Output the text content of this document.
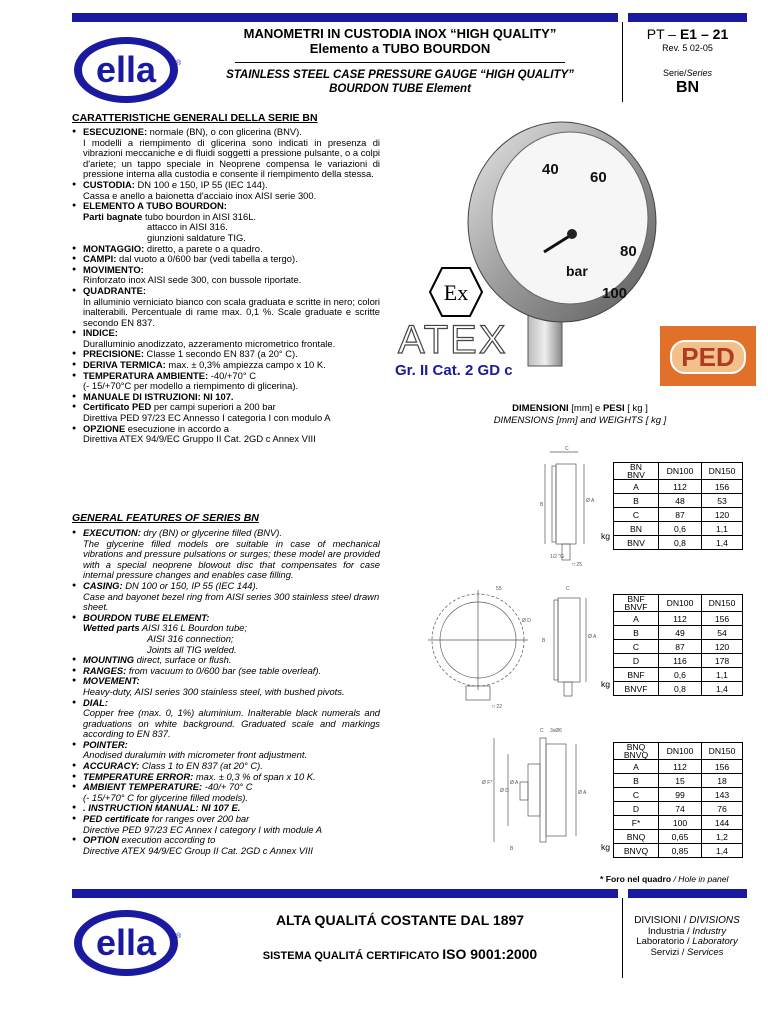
ella	®
MANOMETRI IN CUSTODIA INOX “HIGH QUALITY”
Elemento a TUBO BOURDON
STAINLESS STEEL CASE PRESSURE GAUGE “HIGH QUALITY”
BOURDON TUBE Element
PT – E1 – 21
Rev. 5 02-05
Serie/Series
BN
CARATTERISTICHE GENERALI DELLA SERIE BN
● ESECUZIONE: normale (BN), o con glicerina (BNV).
I modelli a riempimento di glicerina sono indicati in presenza di vibrazioni meccaniche e di fluidi soggetti a pressione pulsante, o a colpi d'ariete; un tappo speciale in Neoprene compensa le variazioni di pressione interna alla custodia e consente il riempimento della stessa.
● CUSTODIA: DN 100 e 150, IP 55 (IEC 144).
Cassa e anello a baionetta d'acciaio inox AISI serie 300.
● ELEMENTO A TUBO BOURDON:
Parti bagnate tubo bourdon in AISI 316L.
attacco in AISI 316.
giunzioni saldature TIG.
● MONTAGGIO: diretto, a parete o a quadro.
● CAMPI: dal vuoto a 0/600 bar (vedi tabella a tergo).
● MOVIMENTO:
Rinforzato inox AISI sede 300, con bussole riportate.
● QUADRANTE:
In alluminio verniciato bianco con scala graduata e scritte in nero; colori inalterabili. Percentuale di rame max. 0,1 %. Scale graduate e scritte secondo EN 837.
● INDICE:
Duralluminio anodizzato, azzeramento micrometrico frontale.
● PRECISIONE: Classe 1 secondo EN 837 (a 20° C).
● DERIVA TERMICA: max. ± 0,3% ampiezza campo x 10 K.
● TEMPERATURA AMBIENTE: -40/+70° C
(- 15/+70°C per modello a riempimento di glicerina).
● MANUALE DI ISTRUZIONI: NI 107.
● Certificato PED per campi superiori a 200 bar
Direttiva PED 97/23 EC Annesso I categoria I con modulo A
● OPZIONE esecuzione in accordo a
Direttiva ATEX 94/9/EC Gruppo II Cat. 2GD c Annex VIII
GENERAL FEATURES OF SERIES BN
● EXECUTION: dry (BN) or glycerine filled (BNV).
The glycerine filled models ore suitable in case of mechanical vibrations and pressure pulsations or surges; these model are provided with a special neoprene blowout disc that compensates for case internal pressure changes and enables case filling.
● CASING: DN 100 or 150, IP 55 (IEC 144).
Case and bayonet bezel ring from AISI series 300 stainless steel drawn sheet.
● BOURDON TUBE ELEMENT:
Wetted parts AISI 316 L Bourdon tube;
AISI 316 connection;
Joints all TIG welded.
● MOUNTING direct, surface or flush.
● RANGES: from vacuum to 0/600 bar (see table overleaf).
● MOVEMENT:
Heavy-duty, AISI series 300 stainless steel, with bushed pivots.
● DIAL:
Copper free (max. 0, 1%) aluminium. Inalterable black numerals and graduations on white background. Graduated scale and markings according to EN 837.
● POINTER:
Anodised duralumin with micrometer front adjustment.
● ACCURACY: Class 1 to EN 837 (at 20° C).
● TEMPERATURE ERROR: max. ± 0,3 % of span x 10 K.
● AMBIENT TEMPERATURE: -40/+ 70° C
(- 15/+70° C for glycerine filled models).
● . INSTRUCTION MANUAL: NI 107 E.
● PED certificate for ranges over 200 bar
Directive PED 97/23 EC Annex I category I with module A
● OPTION execution according to
Directive ATEX 94/9/EC Group II Cat. 2GD c Annex VIII
40 60
80
100
bar
Ex
ATEX
Gr. II Cat. 2 GD c	PED
DIMENSIONI [mm] e PESI [ kg ]
DIMENSIONS [mm] and WEIGHTS [ kg ]
C
Ø A
B
1/2 "G
□ 25
BN
BNV	DN100	DN150
A	112	156
B	48	53
C	87	120
BN	0,6	1,1
BNV	0,8	1,4
kg
C
Ø A
Ø D
B
□ 22
55
BNF
BNVF	DN100	DN150
A	112	156
B	49	54
C	87	120
D	116	178
BNF	0,6	1,1
BNVF	0,8	1,4
kg
C
Ø A
B
Ø D
Ø F*	Ø A
3xØ6
BNQ
BNVQ	DN100	DN150
A	112	156
B	15	18
C	99	143
D	74	76
F*	100	144
BNQ	0,65	1,2
BNVQ	0,85	1,4
kg
* Foro nel quadro / Hole in panel
ella	®
ALTA QUALITÁ COSTANTE DAL 1897
SISTEMA QUALITÁ CERTIFICATO ISO 9001:2000
DIVISIONI / DIVISIONS
Industria / Industry
Laboratorio / Laboratory
Servizi / Services
